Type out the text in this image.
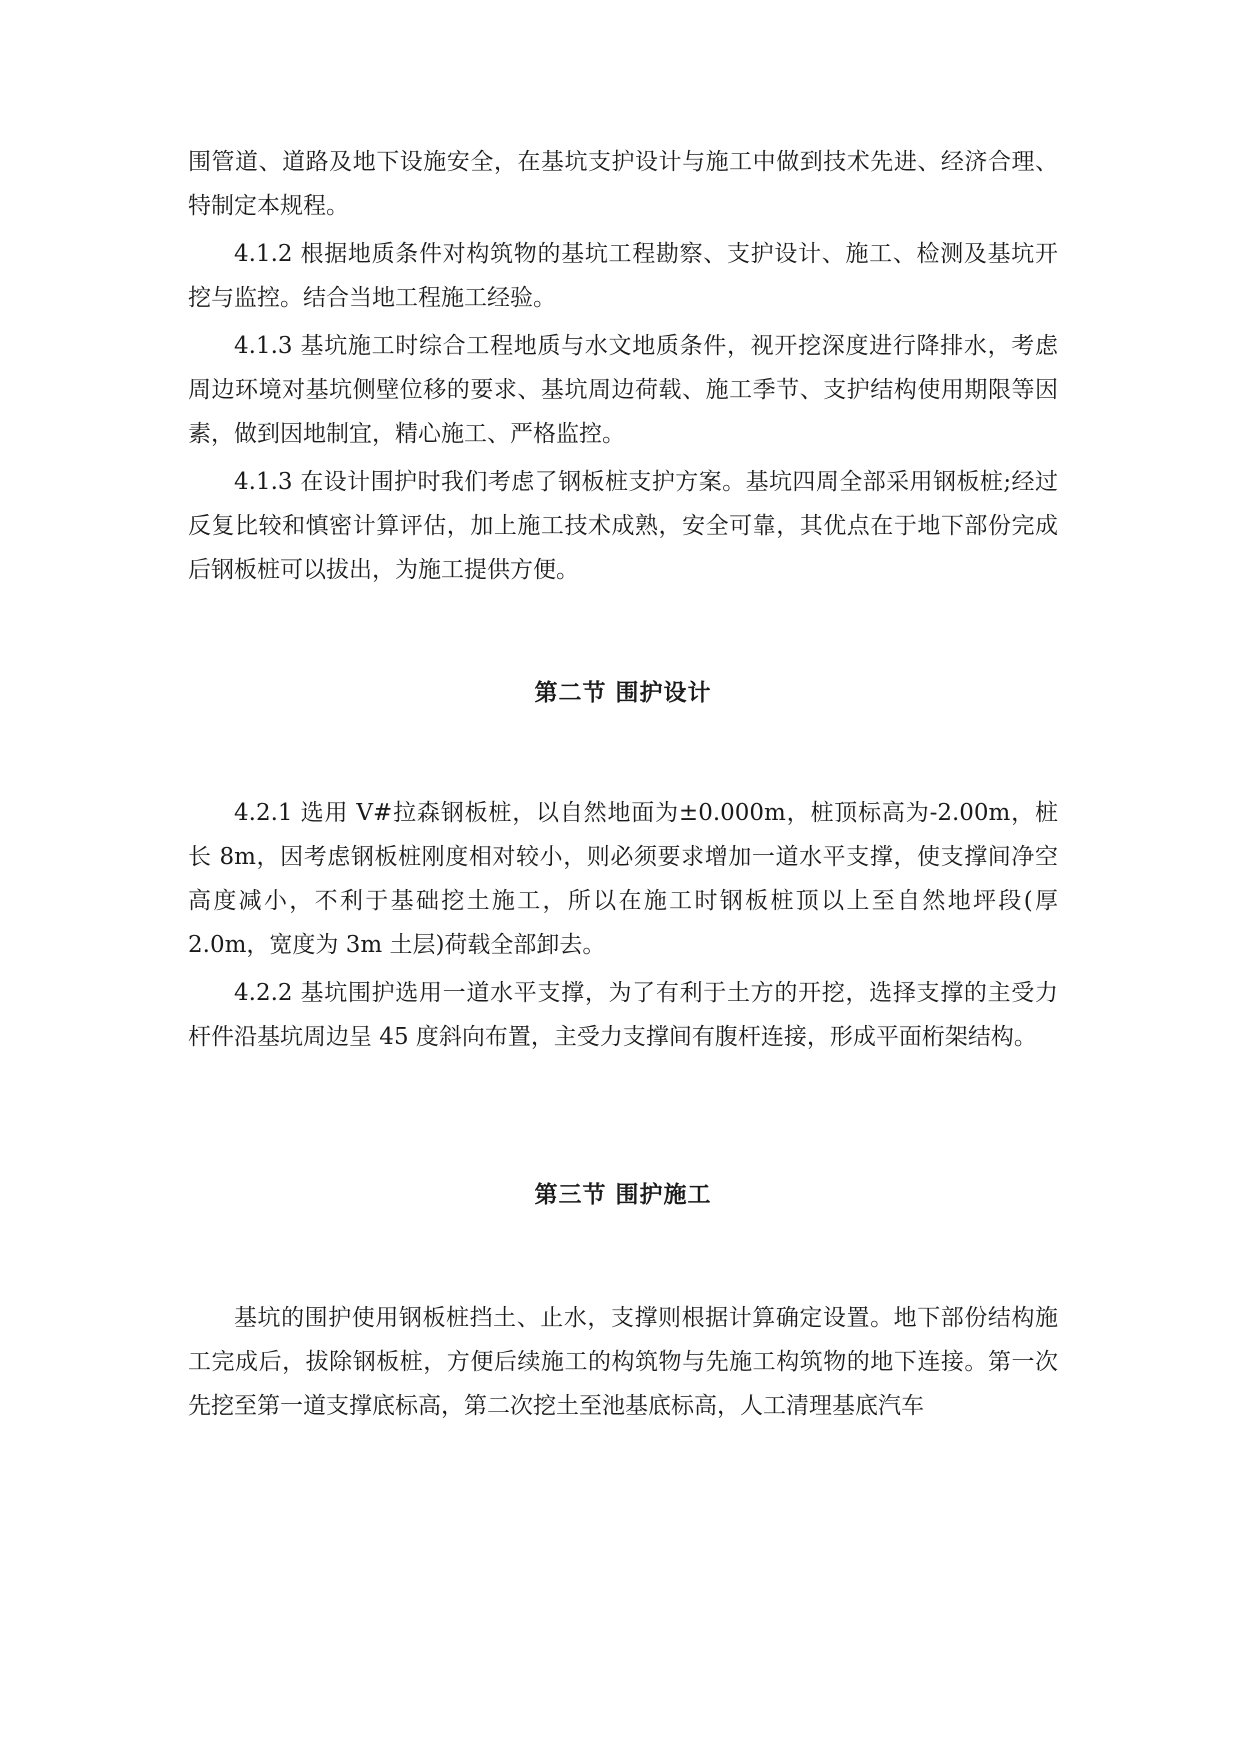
围管道、道路及地下设施安全，在基坑支护设计与施工中做到技术先进、经济合理、特制定本规程。

4.1.2 根据地质条件对构筑物的基坑工程勘察、支护设计、施工、检测及基坑开挖与监控。结合当地工程施工经验。

4.1.3 基坑施工时综合工程地质与水文地质条件，视开挖深度进行降排水，考虑周边环境对基坑侧壁位移的要求、基坑周边荷载、施工季节、支护结构使用期限等因素，做到因地制宜，精心施工、严格监控。

4.1.3 在设计围护时我们考虑了钢板桩支护方案。基坑四周全部采用钢板桩;经过反复比较和慎密计算评估，加上施工技术成熟，安全可靠，其优点在于地下部份完成后钢板桩可以拔出，为施工提供方便。

第二节 围护设计

4.2.1 选用 V#拉森钢板桩，以自然地面为±0.000m，桩顶标高为-2.00m，桩长 8m，因考虑钢板桩刚度相对较小，则必须要求增加一道水平支撑，使支撑间净空高度减小，不利于基础挖土施工，所以在施工时钢板桩顶以上至自然地坪段(厚 2.0m，宽度为 3m 土层)荷载全部卸去。

4.2.2 基坑围护选用一道水平支撑，为了有利于土方的开挖，选择支撑的主受力杆件沿基坑周边呈 45 度斜向布置，主受力支撑间有腹杆连接，形成平面桁架结构。

第三节 围护施工

基坑的围护使用钢板桩挡土、止水，支撑则根据计算确定设置。地下部份结构施工完成后，拔除钢板桩，方便后续施工的构筑物与先施工构筑物的地下连接。第一次先挖至第一道支撑底标高，第二次挖土至池基底标高，人工清理基底汽车
